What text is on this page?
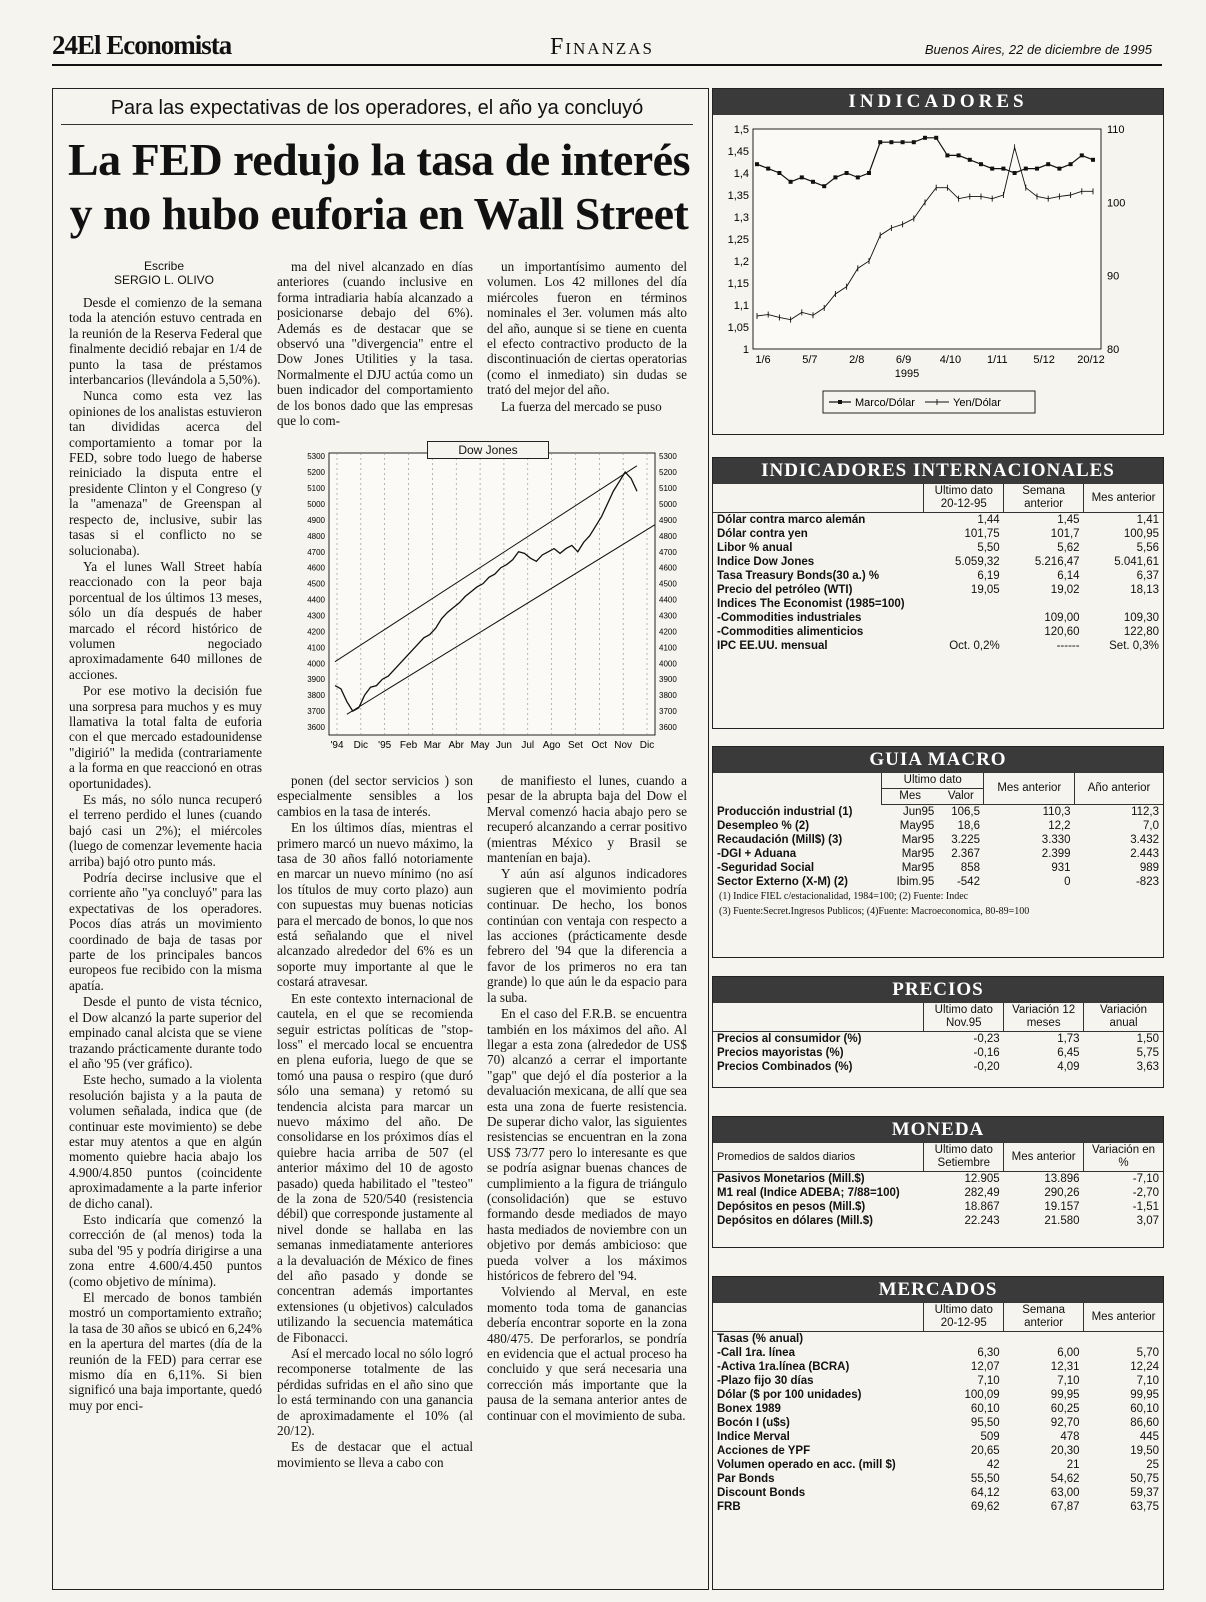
24El Economista	Finanzas	Buenos Aires, 22 de diciembre de 1995
Para las expectativas de los operadores, el año ya concluyó
La FED redujo la tasa de interés
y no hubo euforia en Wall Street
Escribe
SERGIO L. OLIVO

Desde el comienzo de la semana toda la atención estuvo centrada en la reunión de la Reserva Federal que finalmente decidió rebajar en 1/4 de punto la tasa de préstamos interbancarios (llevándola a 5,50%).

Nunca como esta vez las opiniones de los analistas estuvieron tan divididas acerca del comportamiento a tomar por la FED, sobre todo luego de haberse reiniciado la disputa entre el presidente Clinton y el Congreso (y la "amenaza" de Greenspan al respecto de, inclusive, subir las tasas si el conflicto no se solucionaba).

Ya el lunes Wall Street había reaccionado con la peor baja porcentual de los últimos 13 meses, sólo un día después de haber marcado el récord histórico de volumen negociado aproximadamente 640 millones de acciones.

Por ese motivo la decisión fue una sorpresa para muchos y es muy llamativa la total falta de euforia con el que mercado estadounidense "digirió" la medida (contrariamente a la forma en que reaccionó en otras oportunidades).

Es más, no sólo nunca recuperó el terreno perdido el lunes (cuando bajó casi un 2%); el miércoles (luego de comenzar levemente hacia arriba) bajó otro punto más.

Podría decirse inclusive que el corriente año "ya concluyó" para las expectativas de los operadores. Pocos días atrás un movimiento coordinado de baja de tasas por parte de los principales bancos europeos fue recibido con la misma apatía.

Desde el punto de vista técnico, el Dow alcanzó la parte superior del empinado canal alcista que se viene trazando prácticamente durante todo el año '95 (ver gráfico).

Este hecho, sumado a la violenta resolución bajista y a la pauta de volumen señalada, indica que (de continuar este movimiento) se debe estar muy atentos a que en algún momento quiebre hacia abajo los 4.900/4.850 puntos (coincidente aproximadamente a la parte inferior de dicho canal).

Esto indicaría que comenzó la corrección de (al menos) toda la suba del '95 y podría dirigirse a una zona entre 4.600/4.450 puntos (como objetivo de mínima).

El mercado de bonos también mostró un comportamiento extraño; la tasa de 30 años se ubicó en 6,24% en la apertura del martes (día de la reunión de la FED) para cerrar ese mismo día en 6,11%. Si bien significó una baja importante, quedó muy por enci-

ma del nivel alcanzado en días anteriores (cuando inclusive en forma intradiaria había alcanzado a posicionarse debajo del 6%). Además es de destacar que se observó una "divergencia" entre el Dow Jones Utilities y la tasa. Normalmente el DJU actúa como un buen indicador del comportamiento de los bonos dado que las empresas que lo com-

un importantísimo aumento del volumen. Los 42 millones del día miércoles fueron en términos nominales el 3er. volumen más alto del año, aunque si se tiene en cuenta el efecto contractivo producto de la discontinuación de ciertas operatorias (como el inmediato) sin dudas se trató del mejor del año.

La fuerza del mercado se puso

3600	3600
3700	3700
3800	3800
3900	3900
4000	4000
4100	4100
4200	4200
4300	4300
4400	4400
4500	4500
4600	4600
4700	4700
4800	4800
4900	4900
5000	5000
5100	5100
5200	5200
5300	5300
'94 Dic '95 Feb Mar Abr May Jun Jul Ago Set Oct Nov Dic
Dow Jones

ponen (del sector servicios ) son especialmente sensibles a los cambios en la tasa de interés.

En los últimos días, mientras el primero marcó un nuevo máximo, la tasa de 30 años falló notoriamente en marcar un nuevo mínimo (no así los títulos de muy corto plazo) aun con supuestas muy buenas noticias para el mercado de bonos, lo que nos está señalando que el nivel alcanzado alrededor del 6% es un soporte muy importante al que le costará atravesar.

En este contexto internacional de cautela, en el que se recomienda seguir estrictas políticas de "stop-loss" el mercado local se encuentra en plena euforia, luego de que se tomó una pausa o respiro (que duró sólo una semana) y retomó su tendencia alcista para marcar un nuevo máximo del año. De consolidarse en los próximos días el quiebre hacia arriba de 507 (el anterior máximo del 10 de agosto pasado) queda habilitado el "testeo" de la zona de 520/540 (resistencia débil) que corresponde justamente al nivel donde se hallaba en las semanas inmediatamente anteriores a la devaluación de México de fines del año pasado y donde se concentran además importantes extensiones (u objetivos) calculados utilizando la secuencia matemática de Fibonacci.

Así el mercado local no sólo logró recomponerse totalmente de las pérdidas sufridas en el año sino que lo está terminando con una ganancia de aproximadamente el 10% (al 20/12).

Es de destacar que el actual movimiento se lleva a cabo con

de manifiesto el lunes, cuando a pesar de la abrupta baja del Dow el Merval comenzó hacia abajo pero se recuperó alcanzando a cerrar positivo (mientras México y Brasil se mantenían en baja).

Y aún así algunos indicadores sugieren que el movimiento podría continuar. De hecho, los bonos continúan con ventaja con respecto a las acciones (prácticamente desde febrero del '94 que la diferencia a favor de los primeros no era tan grande) lo que aún le da espacio para la suba.

En el caso del F.R.B. se encuentra también en los máximos del año. Al llegar a esta zona (alrededor de US$ 70) alcanzó a cerrar el importante "gap" que dejó el día posterior a la devaluación mexicana, de allí que sea esta una zona de fuerte resistencia. De superar dicho valor, las siguientes resistencias se encuentran en la zona US$ 73/77 pero lo interesante es que se podría asignar buenas chances de cumplimiento a la figura de triángulo (consolidación) que se estuvo formando desde mediados de mayo hasta mediados de noviembre con un objetivo por demás ambicioso: que pueda volver a los máximos históricos de febrero del '94.

Volviendo al Merval, en este momento toda toma de ganancias debería encontrar soporte en la zona 480/475. De perforarlos, se pondría en evidencia que el actual proceso ha concluido y que será necesaria una corrección más importante que la pausa de la semana anterior antes de continuar con el movimiento de suba.

INDICADORES
1,5
1,45
1,4
1,35
1,3
1,25
1,2
1,15
1,1
1,05
1
110
100
90
80
1/6	5/7	2/8	6/9	4/10 1/11 5/12 20/12
1995
Marco/Dólar	Yen/Dólar
INDICADORES INTERNACIONALES
	Ultimo dato 20-12-95	Semana anterior	Mes anterior
Dólar contra marco alemán	1,44	1,45	1,41
Dólar contra yen	101,75	101,7	100,95
Libor % anual	5,50	5,62	5,56
Indice Dow Jones	5.059,32	5.216,47	5.041,61
Tasa Treasury Bonds(30 a.) %	6,19	6,14	6,37
Precio del petróleo (WTI)	19,05	19,02	18,13
Indices The Economist (1985=100)			
-Commodities industriales		109,00	109,30
-Commodities alimenticios		120,60	122,80
IPC EE.UU. mensual	Oct. 0,2%	------	Set. 0,3%
GUIA MACRO
	Ultimo dato		Mes anterior	Año anterior
	Mes	Valor		
Producción industrial (1)	Jun95	106,5	110,3	112,3
Desempleo % (2)	May95	18,6	12,2	7,0
Recaudación (Mill$) (3)	Mar95	3.225	3.330	3.432
-DGI + Aduana	Mar95	2.367	2.399	2.443
-Seguridad Social	Mar95	858	931	989
Sector Externo (X-M) (2)	Ibim.95	-542	0	-823
(1) Indice FIEL c/estacionalidad, 1984=100; (2) Fuente: Indec
(3) Fuente:Secret.Ingresos Publicos; (4)Fuente: Macroeconomica, 80-89=100
PRECIOS
	Ultimo dato Nov.95	Variación 12 meses	Variación anual
Precios al consumidor (%)	-0,23	1,73	1,50
Precios mayoristas (%)	-0,16	6,45	5,75
Precios Combinados (%)	-0,20	4,09	3,63
MONEDA
Promedios de saldos diarios	Ultimo dato Setiembre	Mes anterior	Variación en %
Pasivos Monetarios (Mill.$)	12.905	13.896	-7,10
M1 real (Indice ADEBA; 7/88=100)	282,49	290,26	-2,70
Depósitos en pesos (Mill.$)	18.867	19.157	-1,51
Depósitos en dólares (Mill.$)	22.243	21.580	3,07
MERCADOS
	Ultimo dato 20-12-95	Semana anterior	Mes anterior
Tasas (% anual)			
-Call 1ra. línea	6,30	6,00	5,70
-Activa 1ra.línea (BCRA)	12,07	12,31	12,24
-Plazo fijo 30 días	7,10	7,10	7,10
Dólar ($ por 100 unidades)	100,09	99,95	99,95
Bonex 1989	60,10	60,25	60,10
Bocón I (u$s)	95,50	92,70	86,60
Indice Merval	509	478	445
Acciones de YPF	20,65	20,30	19,50
Volumen operado en acc. (mill $)	42	21	25
Par Bonds	55,50	54,62	50,75
Discount Bonds	64,12	63,00	59,37
FRB	69,62	67,87	63,75
